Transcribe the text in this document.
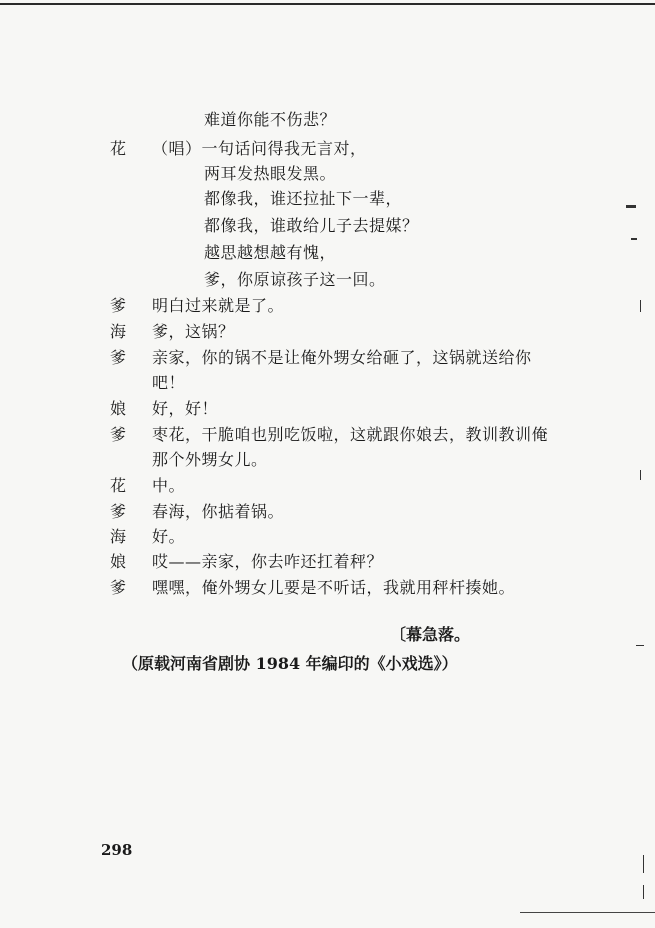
难道你能不伤悲？
花 （唱）一句话问得我无言对，
两耳发热眼发黑。
都像我，谁还拉扯下一辈，
都像我，谁敢给儿子去提媒？
越思越想越有愧，
爹，你原谅孩子这一回。
爹 明白过来就是了。
海 爹，这锅？
爹 亲家，你的锅不是让俺外甥女给砸了，这锅就送给你
吧！
娘 好，好！
爹 枣花，干脆咱也别吃饭啦，这就跟你娘去，教训教训俺
那个外甥女儿。
花 中。
爹 春海，你掂着锅。
海 好。
娘 哎——亲家，你去咋还扛着秤？
爹 嘿嘿，俺外甥女儿要是不听话，我就用秤杆揍她。
〔幕急落。
（原载河南省剧协 1984 年编印的《小戏选》）
298
